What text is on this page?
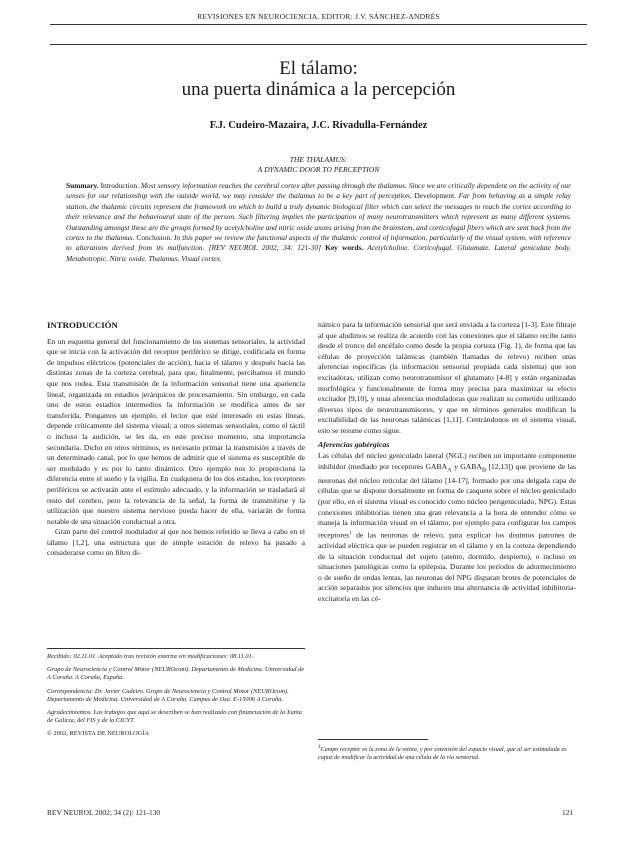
REVISIONES EN NEUROCIENCIA. EDITOR: J.V. SÁNCHEZ-ANDRÉS
El tálamo:
una puerta dinámica a la percepción
F.J. Cudeiro-Mazaira, J.C. Rivadulla-Fernández
THE THALAMUS:
A DYNAMIC DOOR TO PERCEPTION
Summary. Introduction. Most sensory information reaches the cerebral cortex after passing through the thalamus. Since we are critically dependent on the activity of our senses for our relationship with the outside world, we may consider the thalamus to be a key part of perception. Development. Far from behaving as a simple relay station, the thalamic circuits represent the framework on which to build a truly dynamic biological filter which can select the messages to reach the cortex according to their relevance and the behavioural state of the person. Such filtering implies the participation of many neurotransmitters which represent as many different systems. Outstanding amongst these are the groups formed by acetylcholine and nitric oxide axons arising from the brainstem, and corticofugal fibers which are sent back from the cortex to the thalamus. Conclusion. In this paper we review the functional aspects of the thalamic control of information, particularly of the visual system, with reference to alterations derived from its malfunction. [REV NEUROL 2002; 34: 121-30] Key words. Acetylcholine. Corticofugal. Glutamate. Lateral geniculate body. Metabotropic. Nitric oxide. Thalamus. Visual cortex.
INTRODUCCIÓN
En un esquema general del funcionamiento de los sistemas sensoriales, la actividad que se inicia con la activación del receptor periférico se dirige, codificada en forma de impulsos eléctricos (potenciales de acción), hacia el tálamo y después hacia las distintas zonas de la corteza cerebral, para que, finalmente, percibamos el mundo que nos rodea. Esta transmisión de la información sensorial tiene una apariencia lineal, organizada en estadios jerárquicos de procesamiento. Sin embargo, en cada uno de estos estadios intermedios la información se modifica antes de ser transferida. Pongamos un ejemplo, el lector que esté interesado en estas líneas, depende críticamente del sistema visual; a otros sistemas sensoriales, como el táctil o incluso la audición, se les da, en este preciso momento, una importancia secundaria. Dicho en otros términos, es necesario primar la transmisión a través de un determinado canal, por lo que hemos de admitir que el sistema es susceptible de ser modulado y es por lo tanto dinámico. Otro ejemplo nos lo proporciona la diferencia entre el sueño y la vigilia. En cualquiera de los dos estados, los receptores periféricos se activarán ante el estímulo adecuado, y la información se trasladará al resto del cerebro, pero la relevancia de la señal, la forma de transmitirse y la utilización que nuestro sistema nervioso pueda hacer de ella, variarán de forma notable de una situación conductual a otra.
Gran parte del control modulador al que nos hemos referido se lleva a cabo en el tálamo [1,2], una estructura que de simple estación de relevo ha pasado a considerarse como un filtro di-

Recibido: 02.11.01. Aceptado tras revisión externa sin modificaciones: 08.11.01.

Grupo de Neurociencia y Control Motor (NEUROcom). Departamento de Medicina. Universidad de A Coruña. A Coruña, España.

Correspondencia: Dr. Javier Cudeiro. Grupo de Neurociencia y Control Motor (NEUROcom). Departamento de Medicina. Universidad de A Coruña. Campus de Oza. E-15006 A Coruña.

Agradecimientos. Los trabajos que aquí se describen se han realizado con financiación de la Xunta de Galicia, del FIS y de la CICYT.

© 2002, REVISTA DE NEUROLOGÍA

námico para la información sensorial que será enviada a la corteza [1-3]. Este filtraje al que aludimos se realiza de acuerdo con las conexiones que el tálamo recibe tanto desde el tronco del encéfalo como desde la propia corteza (Fig. 1), de forma que las células de proyección talámicas (también llamadas de relevo) reciben unas aferencias específicas (la información sensorial propiada cada sistema) que son excitadoras, utilizan como neurotransmisor el glutamato [4-8] y están organizadas morfológica y funcionalmente de forma muy precisa para maximizar su efecto excitador [9,10], y unas aferencias moduladoras que realizan su cometido utilizando diversos tipos de neurotransmisores, y que en términos generales modifican la excitabilidad de las neuronas talámicas [1,11]. Centrándonos en el sistema visual, esto se resume como sigue.
Aferencias gabérgicas
Las células del núcleo geniculado lateral (NGL) reciben un importante componente inhibidor (mediado por receptores $GABA_A$ y $GABA_B$ [12,13]) que proviene de las neuronas del núcleo reticular del tálamo [14-17], formado por una delgada capa de células que se dispone dorsalmente en forma de casquete sobre el núcleo geniculado (por ello, en el sistema visual es conocido como núcleo perigeniculado, NPG). Estas conexiones inhibitorias tienen una gran relevancia a la hora de entender cómo se maneja la información visual en el tálamo, por ejemplo para configurar los campos receptores$^1$ de las neuronas de relevo, para explicar los distintos patrones de actividad eléctrica que se pueden registrar en el tálamo y en la corteza dependiendo de la situación conductual del sujeto (atento, dormido, despierto), o incluso en situaciones patológicas como la epilepsia. Durante los períodos de adormecimiento o de sueño de ondas lentas, las neuronas del NPG disparan brotes de potenciales de acción separados por silencios que inducen una alternancia de actividad inhibitoria-excitatoria en las cé-
$^1$Campo receptor es la zona de la retina, y por extensión del espacio visual, que al ser estimulada es capaz de modificar la actividad de una célula de la vía sensorial.
REV NEUROL 2002; 34 (2): 121-130	121
